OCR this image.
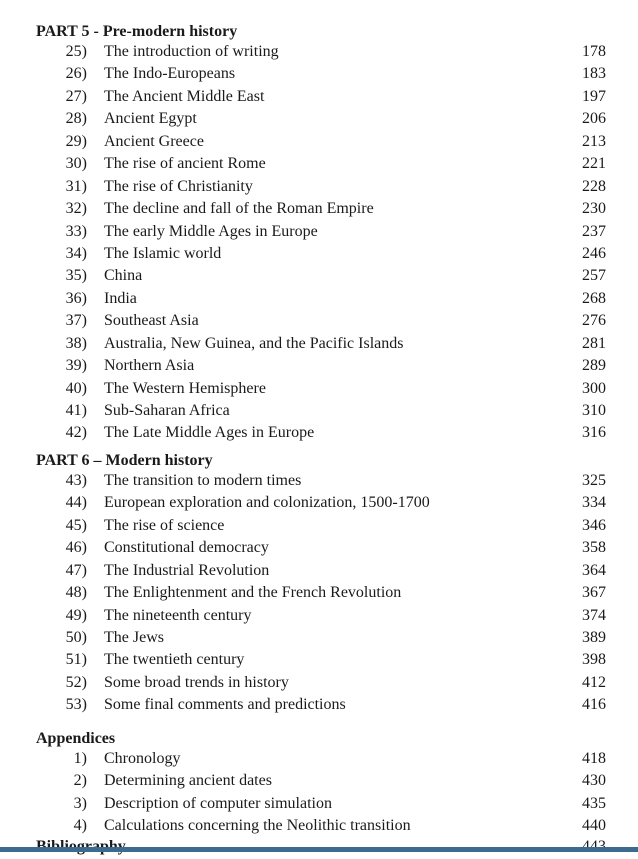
PART 5 - Pre-modern history
25) The introduction of writing	178
26) The Indo-Europeans	183
27) The Ancient Middle East	197
28) Ancient Egypt	206
29) Ancient Greece	213
30) The rise of ancient Rome	221
31) The rise of Christianity	228
32) The decline and fall of the Roman Empire	230
33) The early Middle Ages in Europe	237
34) The Islamic world	246
35) China	257
36) India	268
37) Southeast Asia	276
38) Australia, New Guinea, and the Pacific Islands	281
39) Northern Asia	289
40) The Western Hemisphere	300
41) Sub-Saharan Africa	310
42) The Late Middle Ages in Europe	316
PART 6 – Modern history
43) The transition to modern times	325
44) European exploration and colonization, 1500-1700	334
45) The rise of science	346
46) Constitutional democracy	358
47) The Industrial Revolution	364
48) The Enlightenment and the French Revolution	367
49) The nineteenth century	374
50) The Jews	389
51) The twentieth century	398
52) Some broad trends in history	412
53) Some final comments and predictions	416
Appendices
1) Chronology	418
2) Determining ancient dates	430
3) Description of computer simulation	435
4) Calculations concerning the Neolithic transition	440
